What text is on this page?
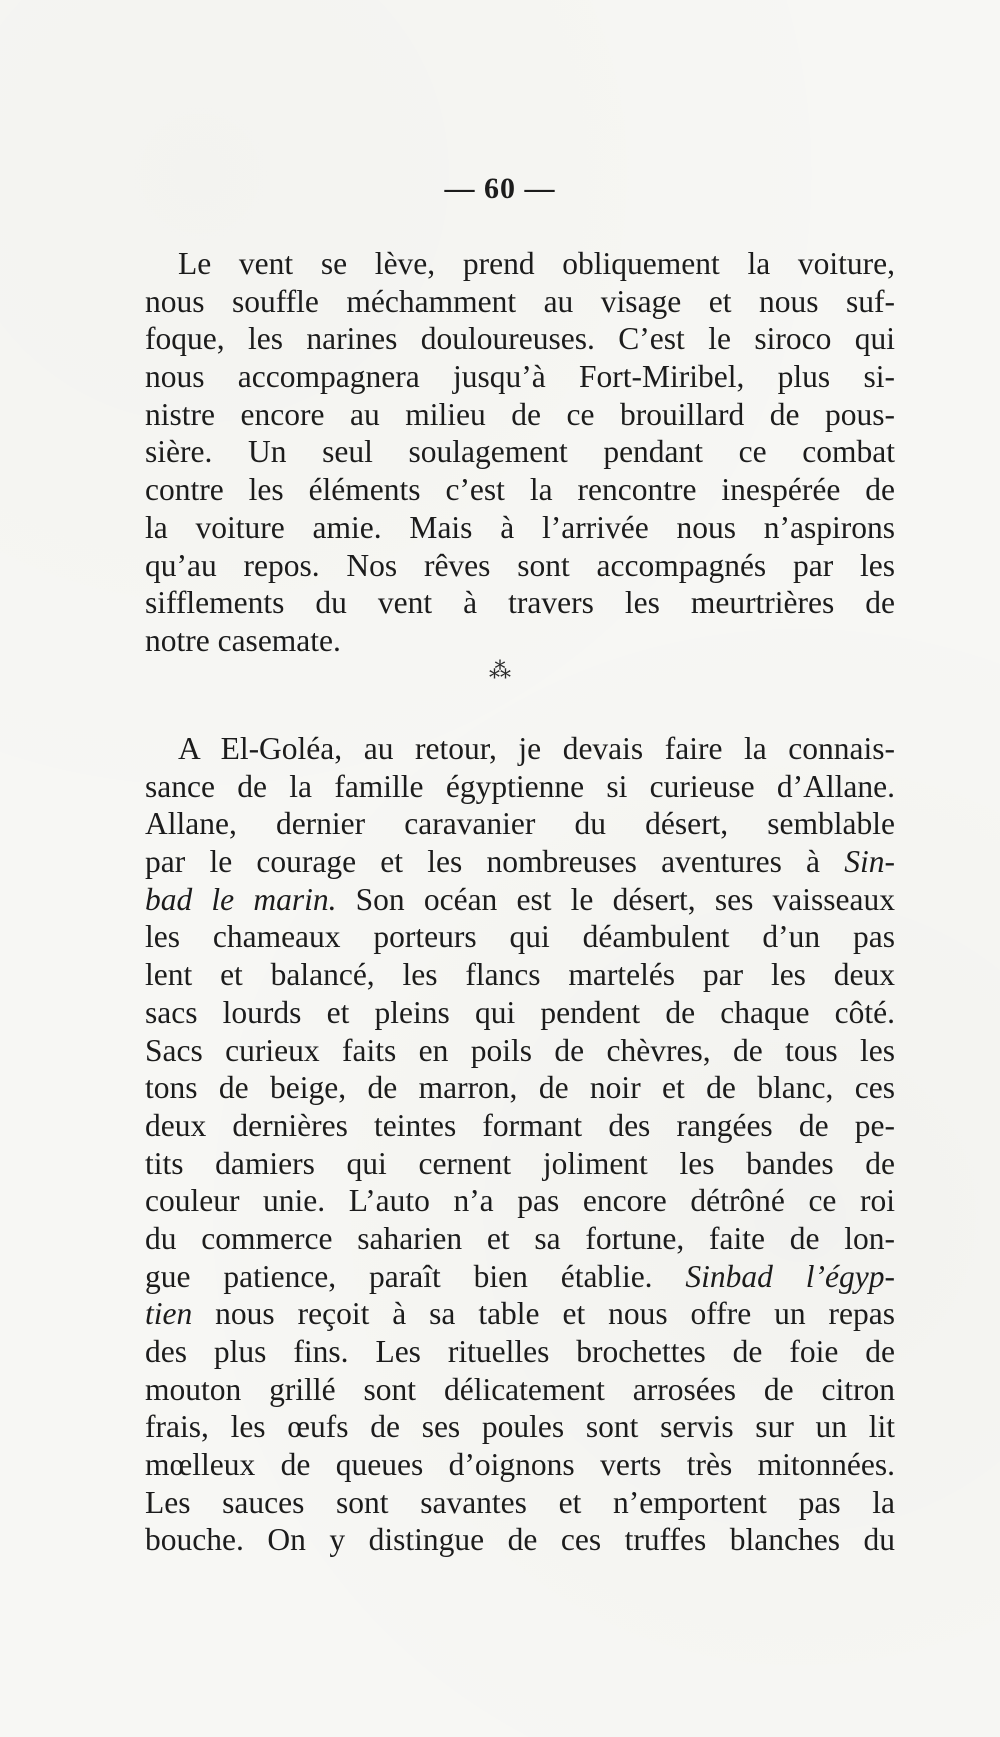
— 60 —
Le vent se lève, prend obliquement la voiture,
nous souffle méchamment au visage et nous suf-
foque, les narines douloureuses. C’est le siroco qui
nous accompagnera jusqu’à Fort-Miribel, plus si-
nistre encore au milieu de ce brouillard de pous-
sière. Un seul soulagement pendant ce combat
contre les éléments c’est la rencontre inespérée de
la voiture amie. Mais à l’arrivée nous n’aspirons
qu’au repos. Nos rêves sont accompagnés par les
sifflements du vent à travers les meurtrières de
notre casemate.
⁂
A El-Goléa, au retour, je devais faire la connais-
sance de la famille égyptienne si curieuse d’Allane.
Allane, dernier caravanier du désert, semblable
par le courage et les nombreuses aventures à Sin-
bad le marin. Son océan est le désert, ses vaisseaux
les chameaux porteurs qui déambulent d’un pas
lent et balancé, les flancs martelés par les deux
sacs lourds et pleins qui pendent de chaque côté.
Sacs curieux faits en poils de chèvres, de tous les
tons de beige, de marron, de noir et de blanc, ces
deux dernières teintes formant des rangées de pe-
tits damiers qui cernent joliment les bandes de
couleur unie. L’auto n’a pas encore détrôné ce roi
du commerce saharien et sa fortune, faite de lon-
gue patience, paraît bien établie. Sinbad l’égyp-
tien nous reçoit à sa table et nous offre un repas
des plus fins. Les rituelles brochettes de foie de
mouton grillé sont délicatement arrosées de citron
frais, les œufs de ses poules sont servis sur un lit
mœlleux de queues d’oignons verts très mitonnées.
Les sauces sont savantes et n’emportent pas la
bouche. On y distingue de ces truffes blanches du
